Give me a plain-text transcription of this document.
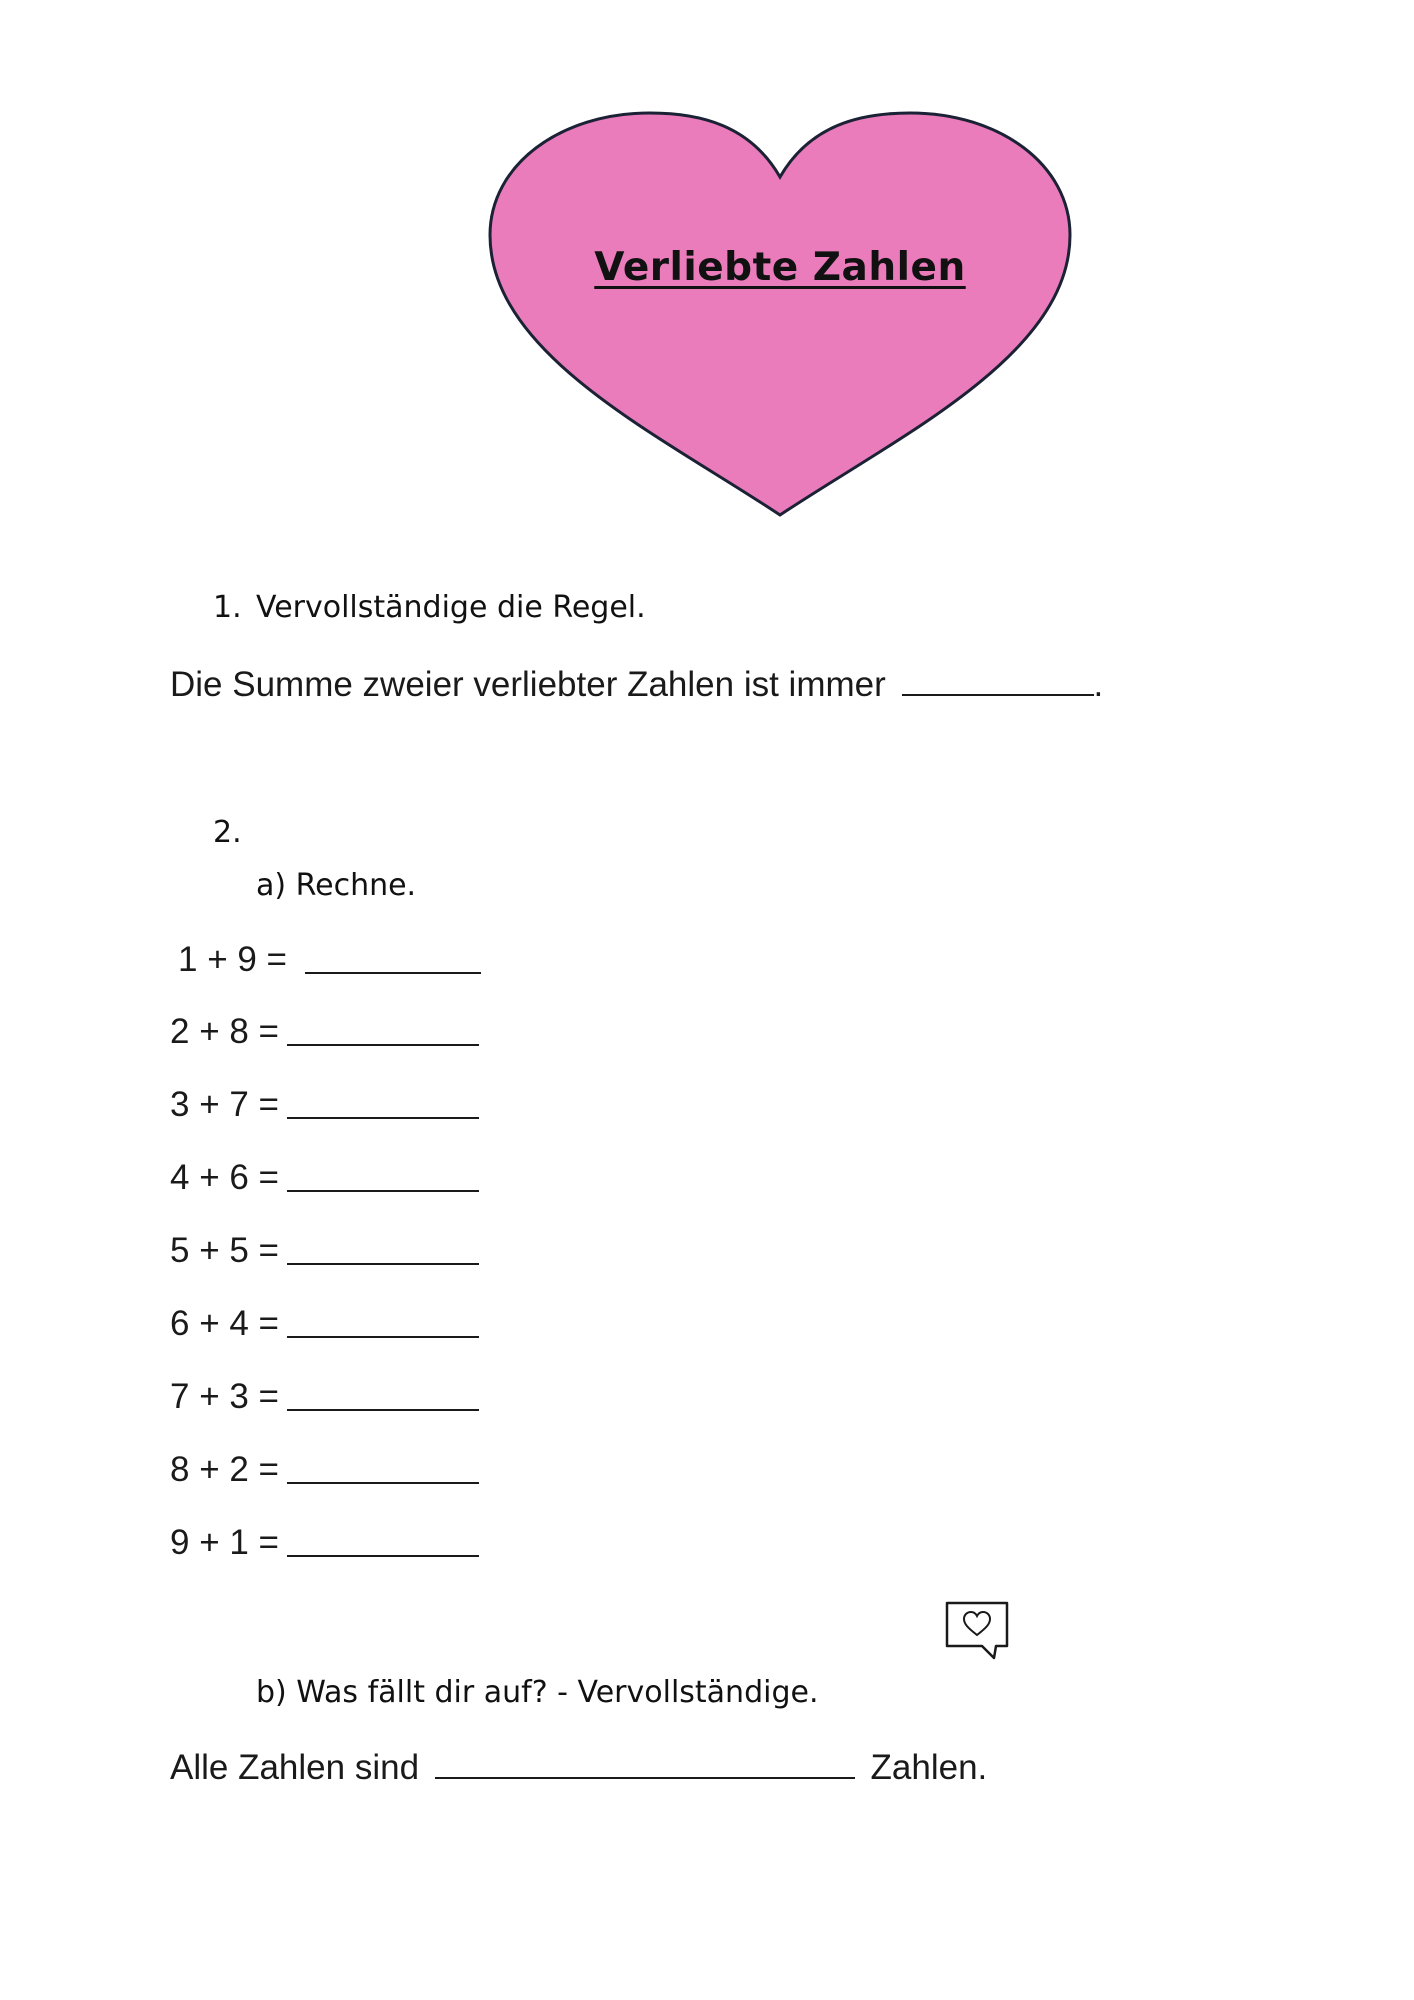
Verliebte Zahlen
1. Vervollständige die Regel.
Die Summe zweier verliebter Zahlen ist immer	.
2.
a) Rechne.
1 + 9 =
2 + 8 =
3 + 7 =
4 + 6 =
5 + 5 =
6 + 4 =
7 + 3 =
8 + 2 =
9 + 1 =
b) Was fällt dir auf? - Vervollständige.
Alle Zahlen sind	Zahlen.
